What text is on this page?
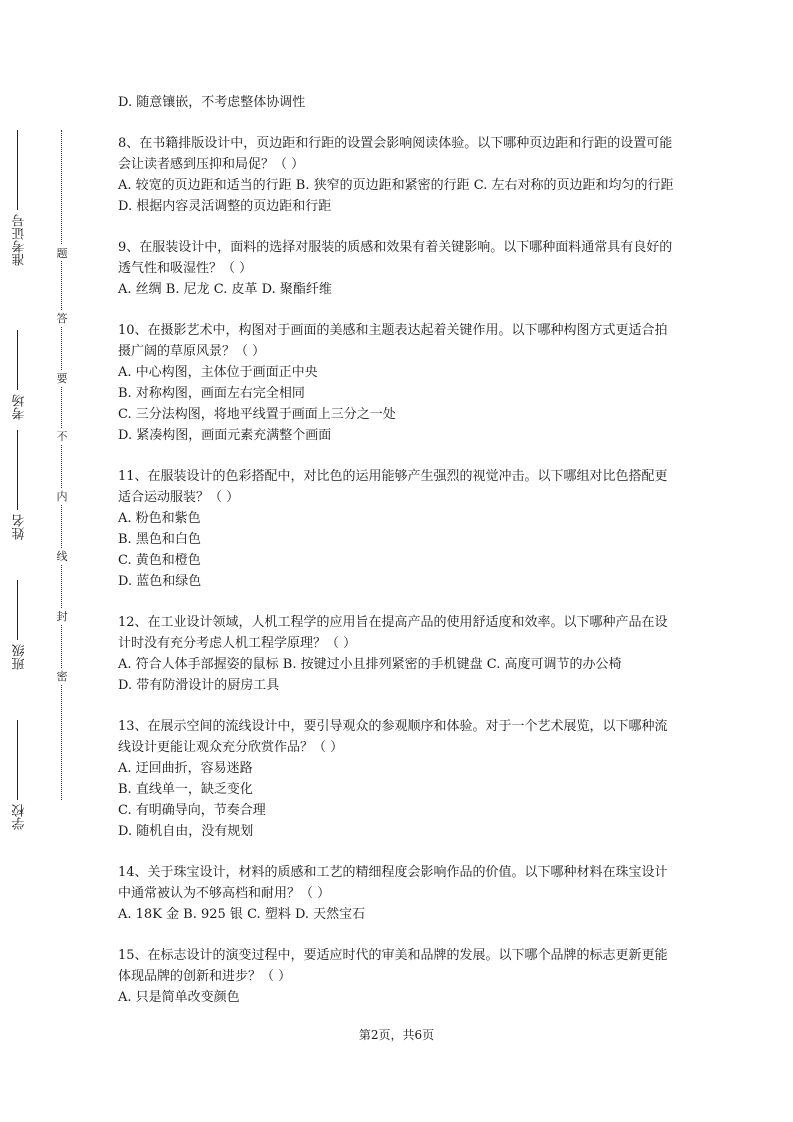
学校
班级
姓名
考场
准考证号	题
答
要
不
内
线
封
密

D. 随意镶嵌，不考虑整体协调性

8、在书籍排版设计中，页边距和行距的设置会影响阅读体验。以下哪种页边距和行距的设置可能会让读者感到压抑和局促？（ ）

A. 较宽的页边距和适当的行距 B. 狭窄的页边距和紧密的行距 C. 左右对称的页边距和均匀的行距 D. 根据内容灵活调整的页边距和行距

9、在服装设计中，面料的选择对服装的质感和效果有着关键影响。以下哪种面料通常具有良好的透气性和吸湿性？（ ）

A. 丝绸 B. 尼龙 C. 皮革 D. 聚酯纤维

10、在摄影艺术中，构图对于画面的美感和主题表达起着关键作用。以下哪种构图方式更适合拍摄广阔的草原风景？（ ）

A. 中心构图，主体位于画面正中央

B. 对称构图，画面左右完全相同

C. 三分法构图，将地平线置于画面上三分之一处

D. 紧凑构图，画面元素充满整个画面

11、在服装设计的色彩搭配中，对比色的运用能够产生强烈的视觉冲击。以下哪组对比色搭配更适合运动服装？（ ）

A. 粉色和紫色

B. 黑色和白色

C. 黄色和橙色

D. 蓝色和绿色

12、在工业设计领域，人机工程学的应用旨在提高产品的使用舒适度和效率。以下哪种产品在设计时没有充分考虑人机工程学原理？（ ）

A. 符合人体手部握姿的鼠标 B. 按键过小且排列紧密的手机键盘 C. 高度可调节的办公椅

D. 带有防滑设计的厨房工具

13、在展示空间的流线设计中，要引导观众的参观顺序和体验。对于一个艺术展览，以下哪种流线设计更能让观众充分欣赏作品？（ ）

A. 迂回曲折，容易迷路

B. 直线单一，缺乏变化

C. 有明确导向，节奏合理

D. 随机自由，没有规划

14、关于珠宝设计，材料的质感和工艺的精细程度会影响作品的价值。以下哪种材料在珠宝设计中通常被认为不够高档和耐用？（ ）

A. 18K 金 B. 925 银 C. 塑料 D. 天然宝石

15、在标志设计的演变过程中，要适应时代的审美和品牌的发展。以下哪个品牌的标志更新更能体现品牌的创新和进步？（ ）

A. 只是简单改变颜色

第2页，共6页
